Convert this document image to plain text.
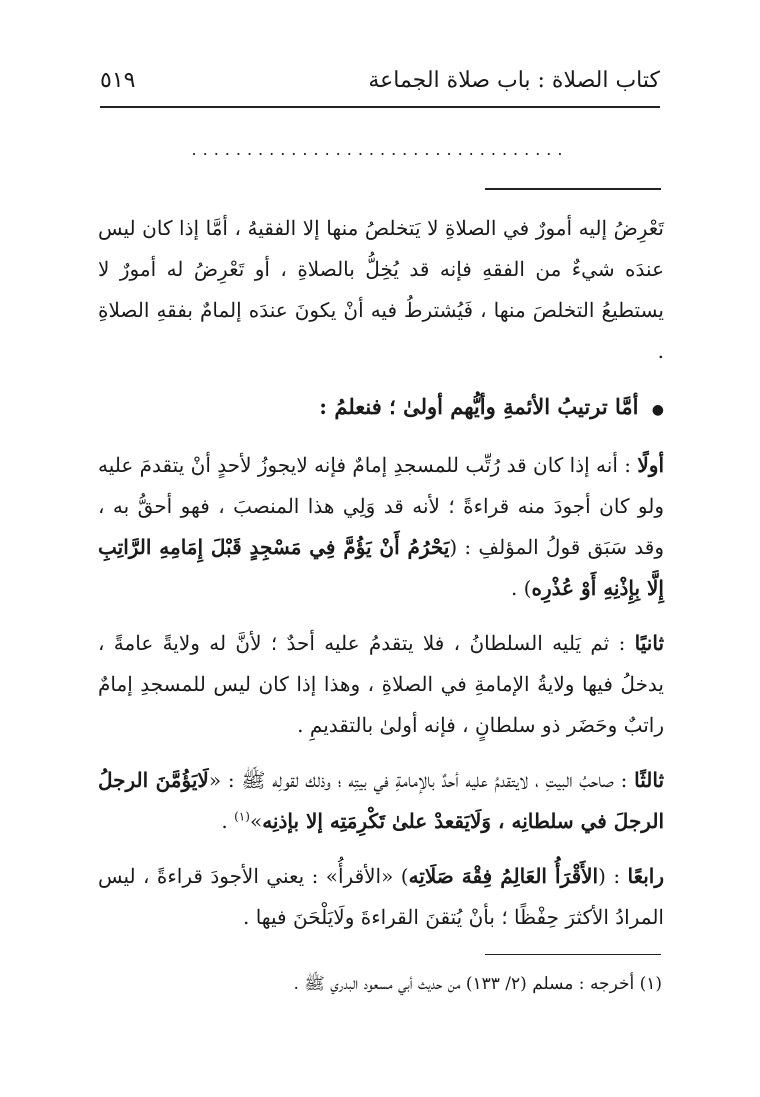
كتاب الصلاة : باب صلاة الجماعة
٥١٩
..................................

تَعْرِضُ إليه أمورٌ في الصلاةِ لا يَتخلصُ منها إلا الفقيهُ ، أمَّا إذا كان ليس عندَه شيءٌ من الفقهِ فإنه قد يُخِلُّ بالصلاةِ ، أو تَعْرِضُ له أمورٌ لا يستطيعُ التخلصَ منها ، فَيُشترطُ فيه أنْ يكونَ عندَه إلمامٌ بفقهِ الصلاةِ .

● أمَّا ترتيبُ الأئمةِ وأيُّهم أولىٰ ؛ فنعلمُ :

أولًا : أنه إذا كان قد رُتِّب للمسجدِ إمامٌ فإنه لايجوزُ لأحدٍ أنْ يتقدمَ عليه ولو كان أجودَ منه قراءةً ؛ لأنه قد وَلِي هذا المنصبَ ، فهو أحقُّ به ، وقد سَبَق قولُ المؤلفِ : (يَحْرُمُ أَنْ يَؤُمَّ فِي مَسْجِدٍ قَبْلَ إِمَامِهِ الرَّاتِبِ إِلَّا بِإِذْنِهِ أَوْ عُذْرِه) .

ثانيًا : ثم يَليه السلطانُ ، فلا يتقدمُ عليه أحدٌ ؛ لأنَّ له ولايةً عامةً ، يدخلُ فيها ولايةُ الإمامةِ في الصلاةِ ، وهذا إذا كان ليس للمسجدِ إمامٌ راتبٌ وحَضَر ذو سلطانٍ ، فإنه أولىٰ بالتقديمِ .

ثالثًا : صاحبُ البيتِ ، لايتقدمُ عليه أحدٌ بالإمامةِ في بيتِه ؛ وذلك لقولِه ﷺ : «لَايَؤُمَّنَ الرجلُ الرجلَ في سلطانِه ، وَلَايَقعدْ علىٰ تَكْرِمَتِه إلا بإذنِه»$^{(١)}$ .

رابعًا : (الأَقْرَأُ العَالِمُ فِقْهَ صَلَاتِه) «الأقرأُ» : يعني الأجودَ قراءةً ، ليس المرادُ الأكثرَ حِفْظًا ؛ بأنْ يُتقنَ القراءةَ ولَايَلْحَنَ فيها .

(١) أخرجه : مسلم (٢/ ١٣٣) من حديث أبي مسعود البدري ﷺ .
